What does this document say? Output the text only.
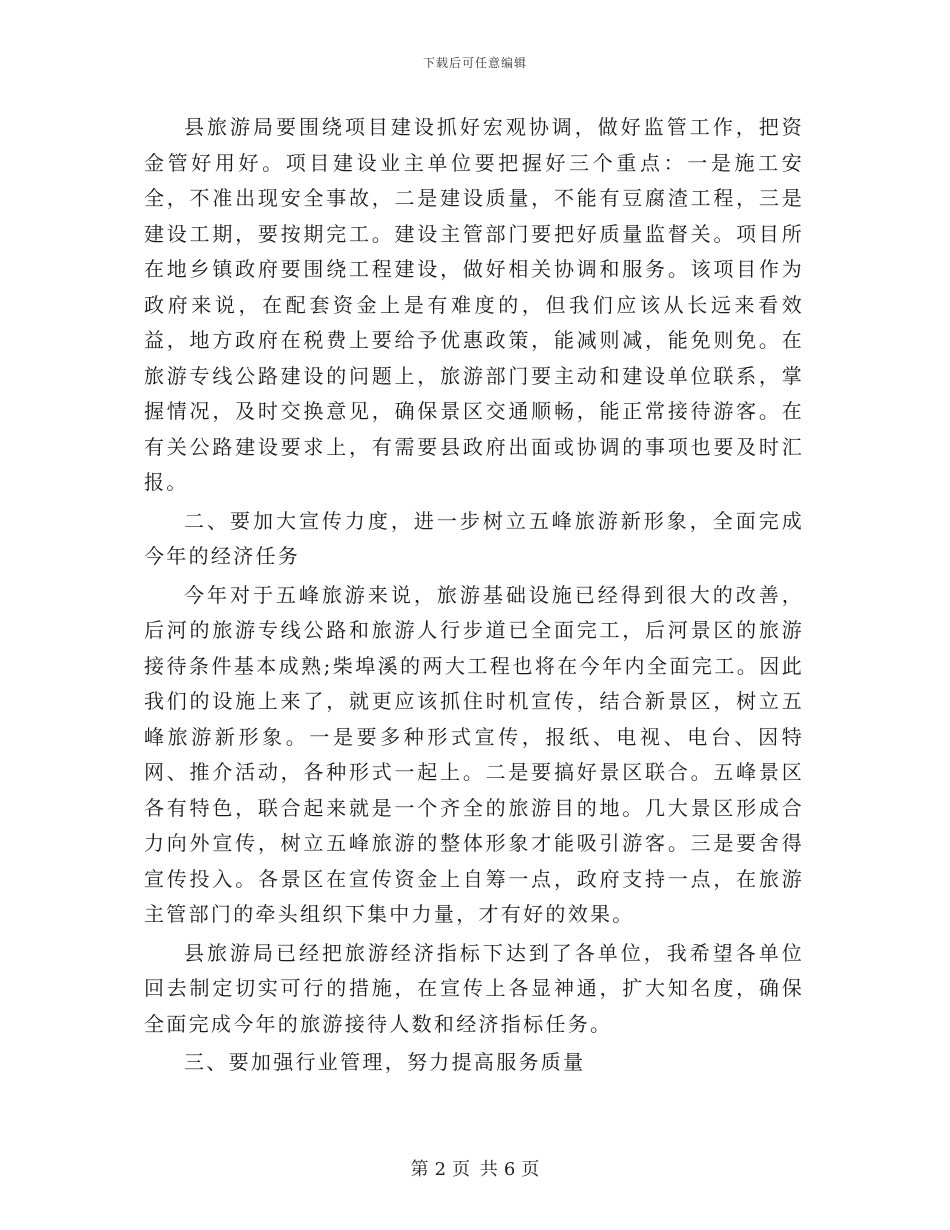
下载后可任意编辑

县旅游局要围绕项目建设抓好宏观协调，做好监管工作，把资金管好用好。项目建设业主单位要把握好三个重点：一是施工安全，不准出现安全事故，二是建设质量，不能有豆腐渣工程，三是建设工期，要按期完工。建设主管部门要把好质量监督关。项目所在地乡镇政府要围绕工程建设，做好相关协调和服务。该项目作为政府来说，在配套资金上是有难度的，但我们应该从长远来看效益，地方政府在税费上要给予优惠政策，能减则减，能免则免。在旅游专线公路建设的问题上，旅游部门要主动和建设单位联系，掌握情况，及时交换意见，确保景区交通顺畅，能正常接待游客。在有关公路建设要求上，有需要县政府出面或协调的事项也要及时汇报。

二、要加大宣传力度，进一步树立五峰旅游新形象，全面完成今年的经济任务

今年对于五峰旅游来说，旅游基础设施已经得到很大的改善，后河的旅游专线公路和旅游人行步道已全面完工，后河景区的旅游接待条件基本成熟;柴埠溪的两大工程也将在今年内全面完工。因此我们的设施上来了，就更应该抓住时机宣传，结合新景区，树立五峰旅游新形象。一是要多种形式宣传，报纸、电视、电台、因特网、推介活动，各种形式一起上。二是要搞好景区联合。五峰景区各有特色，联合起来就是一个齐全的旅游目的地。几大景区形成合力向外宣传，树立五峰旅游的整体形象才能吸引游客。三是要舍得宣传投入。各景区在宣传资金上自筹一点，政府支持一点，在旅游主管部门的牵头组织下集中力量，才有好的效果。

县旅游局已经把旅游经济指标下达到了各单位，我希望各单位回去制定切实可行的措施，在宣传上各显神通，扩大知名度，确保全面完成今年的旅游接待人数和经济指标任务。

三、要加强行业管理，努力提高服务质量

第 2 页 共 6 页
